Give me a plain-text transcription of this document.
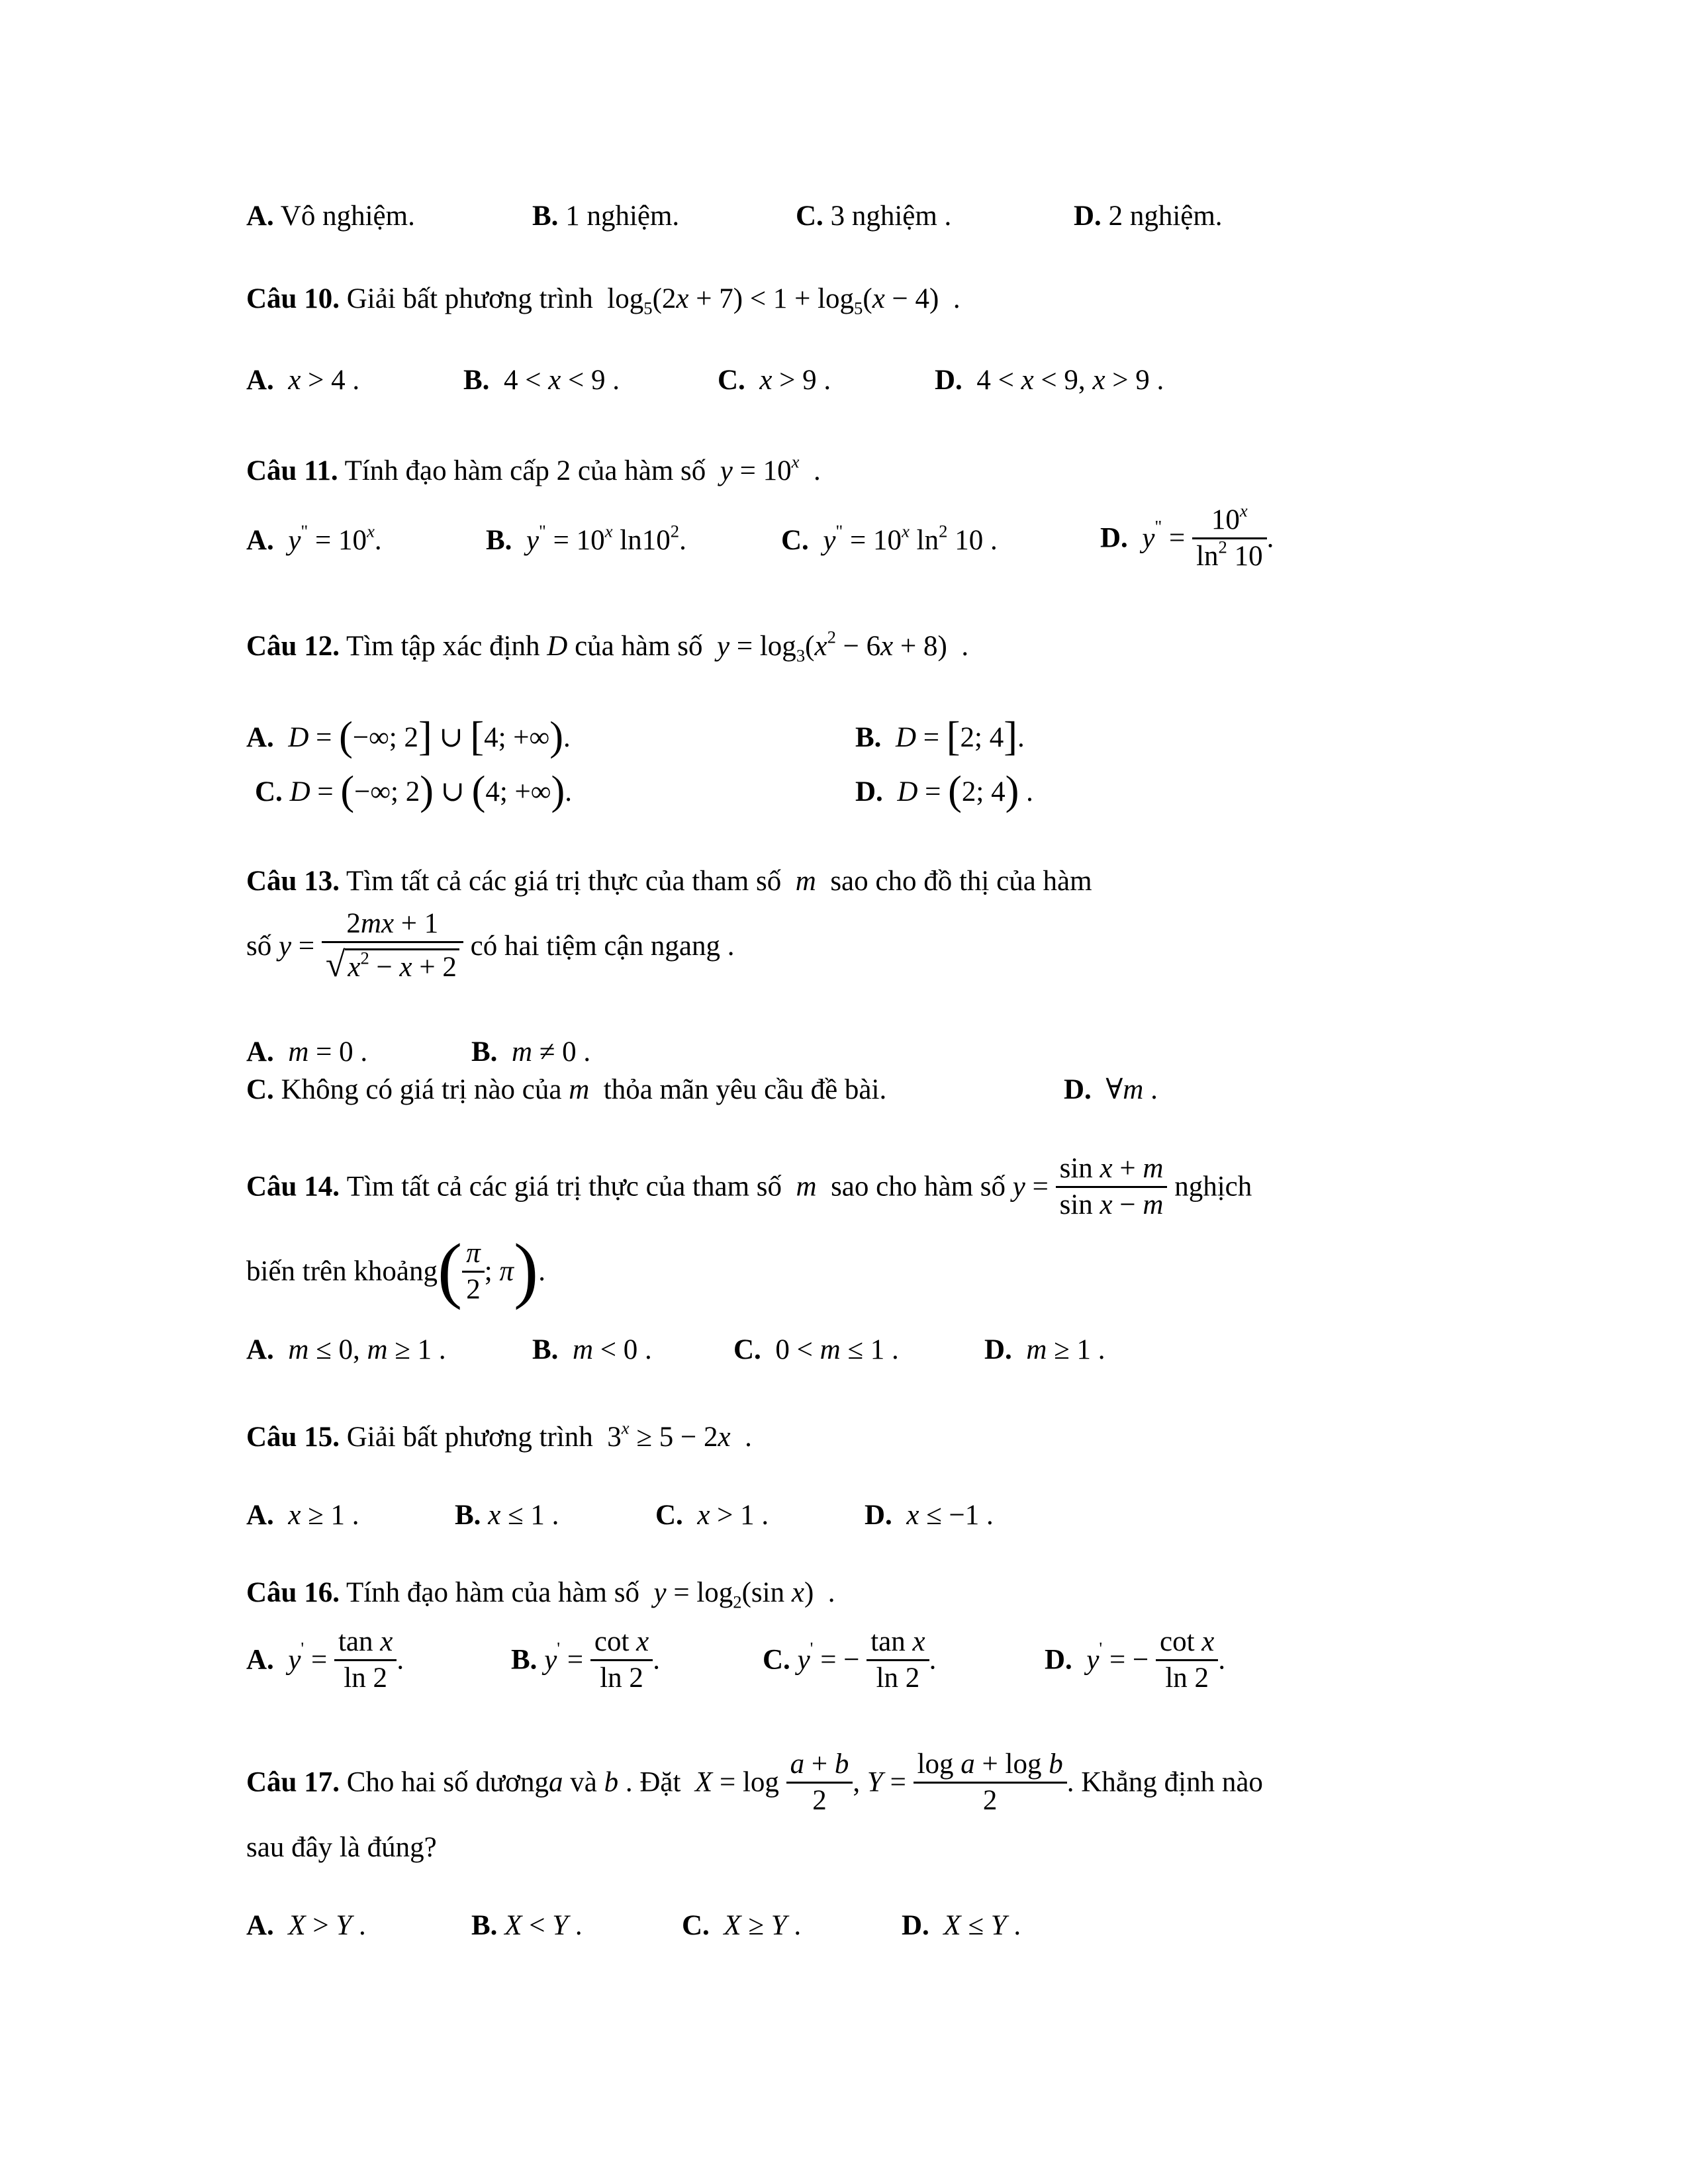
A. Vô nghiệm.	B. 1 nghiệm.	C. 3 nghiệm .	D. 2 nghiệm.
Câu 10. Giải bất phương trình  $\log_5(2x + 7) < 1 + \log_5(x - 4)$  .
A. x > 4 .	B.  4 < x < 9 .	C. x > 9 .	D.  4 < x < 9, x > 9 .
Câu 11. Tính đạo hàm cấp 2 của hàm số $y = 10^x$  .
A. $y^" = 10^x$.	B. $y^" = 10^x$ $\ln 10^2$.	C. $y^" = 10^x$ $\ln^2 10$ .	D. $y^" = \frac{10^x}{\ln^2 10}$ .
Câu 12. Tìm tập xác định D của hàm số $y = \log_3(x^2 - 6x + 8)$  .
A. D = (−∞; 2] ∪ [4; +∞).	B. D = [2; 4].
C. D = (−∞; 2) ∪ (4; +∞).	D. D = (2; 4) .
Câu 13. Tìm tất cả các giá trị thực của tham số m sao cho đồ thị của hàm
số $y = \frac{2mx + 1}{√x^2 - x + 2}$ có hai tiệm cận ngang .
A. m = 0 .	B. m ≠ 0 .
C. Không có giá trị nào của m thỏa mãn yêu cầu đề bài.	D.  ∀m .
Câu 14. Tìm tất cả các giá trị thực của tham số  m  sao cho hàm số $y = \frac{\text{sin x + m}}{\text{sin x − m}}$ nghịch
biến trên khoảng( $\frac{\pi}{2}$ ; π).
A. m ≤ 0, m ≥ 1 .	B. m < 0 .	C.  0 < m ≤ 1 .	D. m ≥ 1 .
Câu 15. Giải bất phương trình  $3^x \ge 5 - 2x$  .
A. x ≥ 1 .	B. x ≤ 1 .	C. x > 1 .	D. x ≤ −1 .
Câu 16. Tính đạo hàm của hàm số $y = \log_2(\sin$ x)  .
A. $y' = \frac{\text{tan x}}{\ln 2}$ .	B. $y' = \frac{\text{cot x}}{\ln 2}$ .	C. y' = − $\frac{\text{tan x}}{\ln 2}$ .	D. y' = − $\frac{\text{cot x}}{\ln 2}$ .
Câu 17. Cho hai số dươnga và b . Đặt  $X = \log \frac{a + b}{2}$ , $Y = \frac{\text{log a + log b}}{2}$ . Khẳng định nào
sau đây là đúng?
A. X > Y .	B. X < Y .	C. X ≥ Y .	D. X ≤ Y .
